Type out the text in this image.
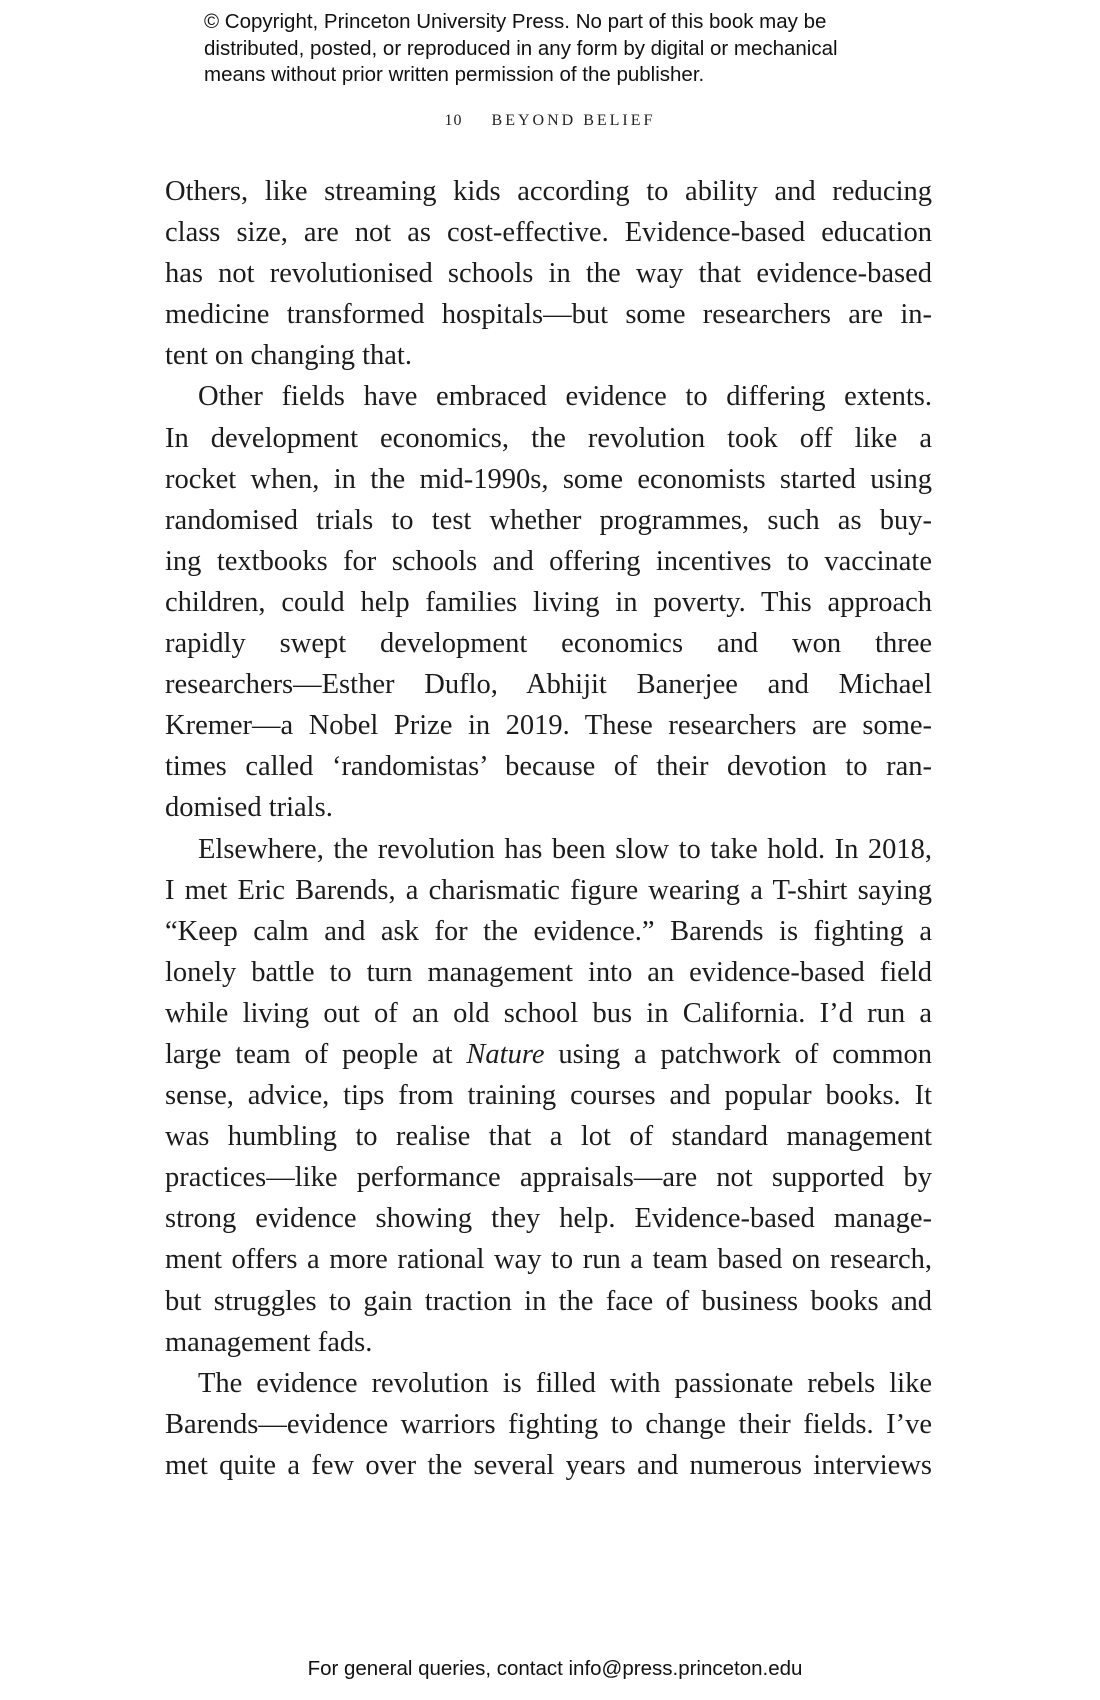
© Copyright, Princeton University Press. No part of this book may be
distributed, posted, or reproduced in any form by digital or mechanical
means without prior written permission of the publisher.
10 BEYOND BELIEF
Others, like streaming kids according to ability and reducing
class size, are not as cost-effective. Evidence-based education
has not revolutionised schools in the way that evidence-based
medicine transformed hospitals—but some researchers are in-
tent on changing that.
Other fields have embraced evidence to differing extents.
In development economics, the revolution took off like a
rocket when, in the mid-1990s, some economists started using
randomised trials to test whether programmes, such as buy-
ing textbooks for schools and offering incentives to vaccinate
children, could help families living in poverty. This approach
rapidly swept development economics and won three
researchers—Esther Duflo, Abhijit Banerjee and Michael
Kremer—a Nobel Prize in 2019. These researchers are some-
times called ‘randomistas’ because of their devotion to ran-
domised trials.
Elsewhere, the revolution has been slow to take hold. In 2018,
I met Eric Barends, a charismatic figure wearing a T-shirt saying
“Keep calm and ask for the evidence.” Barends is fighting a
lonely battle to turn management into an evidence-based field
while living out of an old school bus in California. I’d run a
large team of people at Nature using a patchwork of common
sense, advice, tips from training courses and popular books. It
was humbling to realise that a lot of standard management
practices—like performance appraisals—are not supported by
strong evidence showing they help. Evidence-based manage-
ment offers a more rational way to run a team based on research,
but struggles to gain traction in the face of business books and
management fads.
The evidence revolution is filled with passionate rebels like
Barends—evidence warriors fighting to change their fields. I’ve
met quite a few over the several years and numerous interviews
For general queries, contact info@press.princeton.edu
